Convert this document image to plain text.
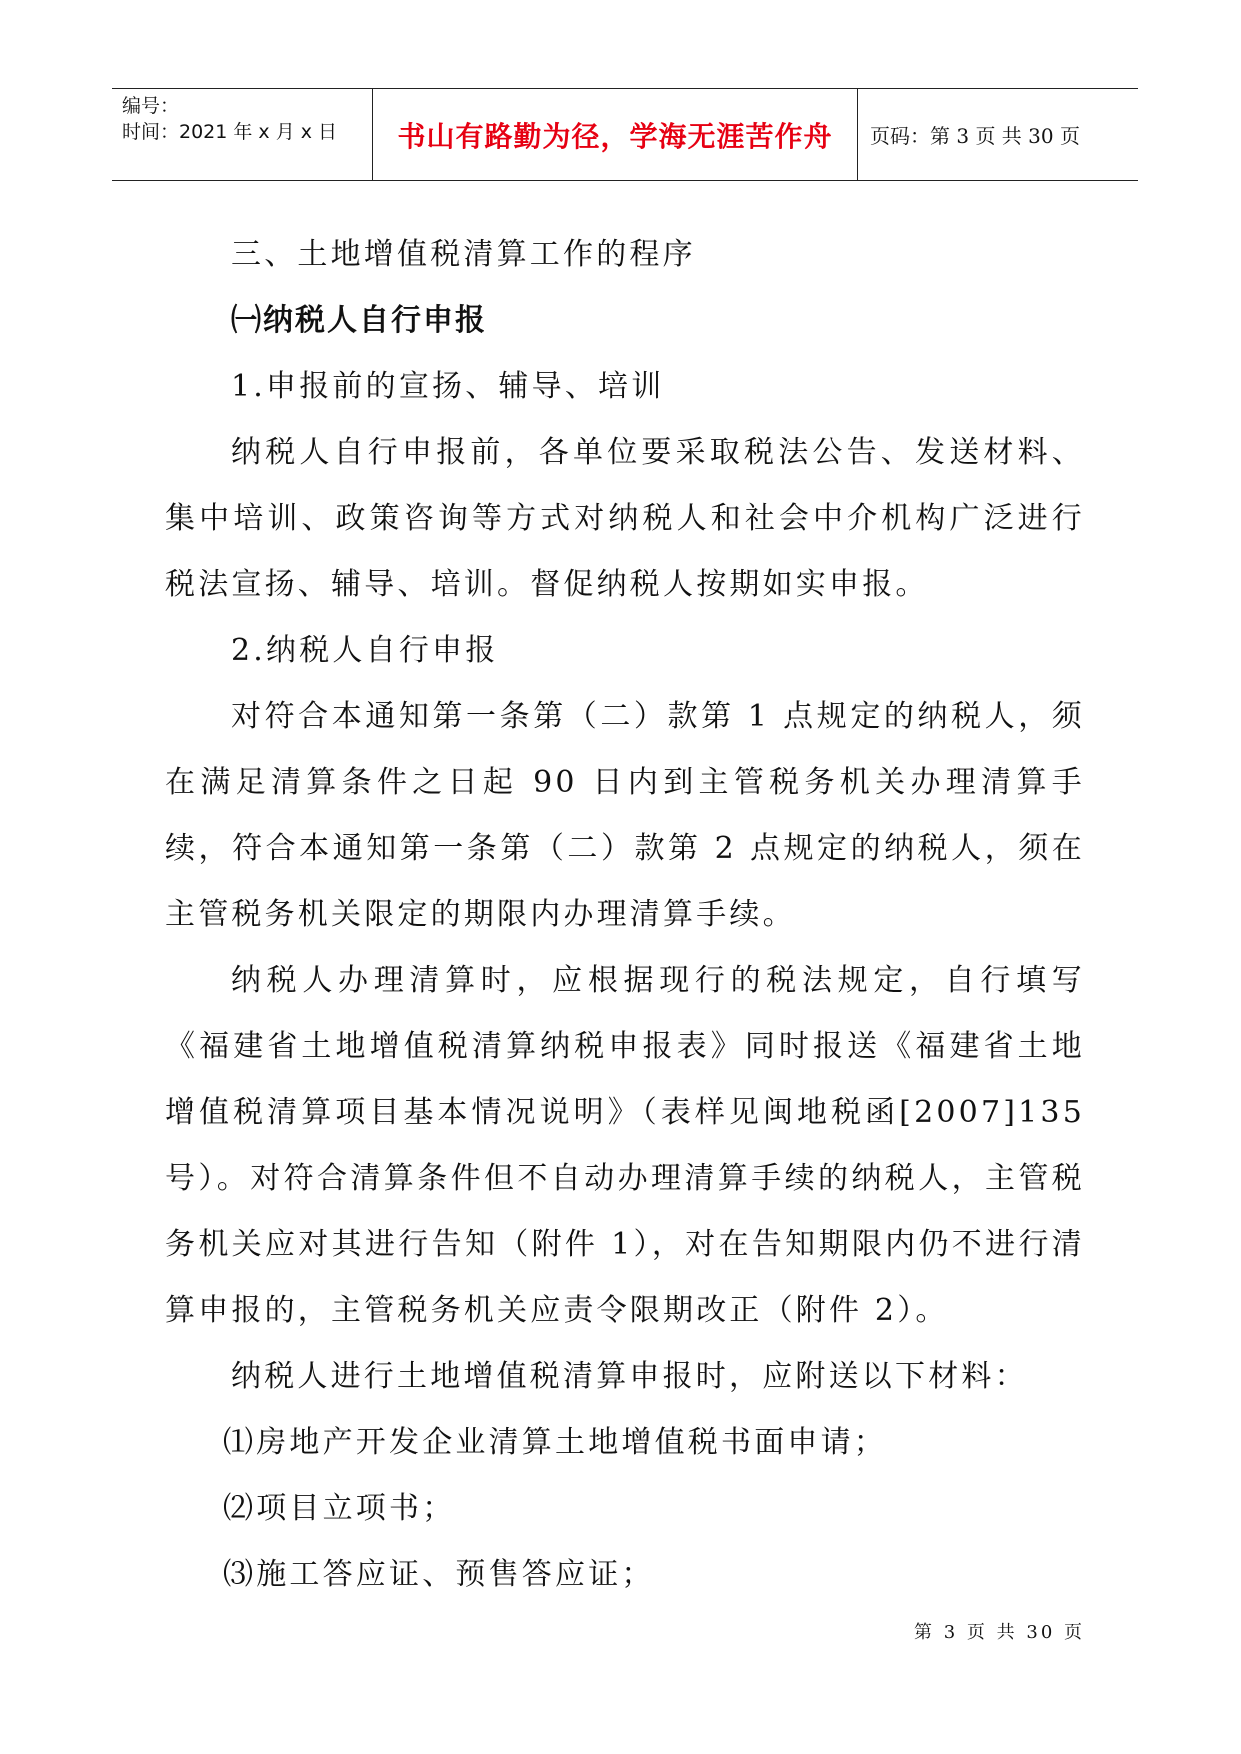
编号：
时间：2021 年 x 月 x 日	书山有路勤为径，学海无涯苦作舟	页码：第 3 页 共 30 页

三、土地增值税清算工作的程序

㈠纳税人自行申报

1.申报前的宣扬、辅导、培训

纳税人自行申报前，各单位要采取税法公告、发送材料、集中培训、政策咨询等方式对纳税人和社会中介机构广泛进行税法宣扬、辅导、培训。督促纳税人按期如实申报。

2.纳税人自行申报

对符合本通知第一条第（二）款第 1 点规定的纳税人，须在满足清算条件之日起 90 日内到主管税务机关办理清算手续，符合本通知第一条第（二）款第 2 点规定的纳税人，须在主管税务机关限定的期限内办理清算手续。

纳税人办理清算时，应根据现行的税法规定，自行填写《福建省土地增值税清算纳税申报表》同时报送《福建省土地增值税清算项目基本情况说明》（表样见闽地税函[2007]135 号）。对符合清算条件但不自动办理清算手续的纳税人，主管税务机关应对其进行告知（附件 1），对在告知期限内仍不进行清算申报的，主管税务机关应责令限期改正（附件 2）。

纳税人进行土地增值税清算申报时，应附送以下材料：

⑴房地产开发企业清算土地增值税书面申请；

⑵项目立项书；

⑶施工答应证、预售答应证；

第 3 页 共 30 页
